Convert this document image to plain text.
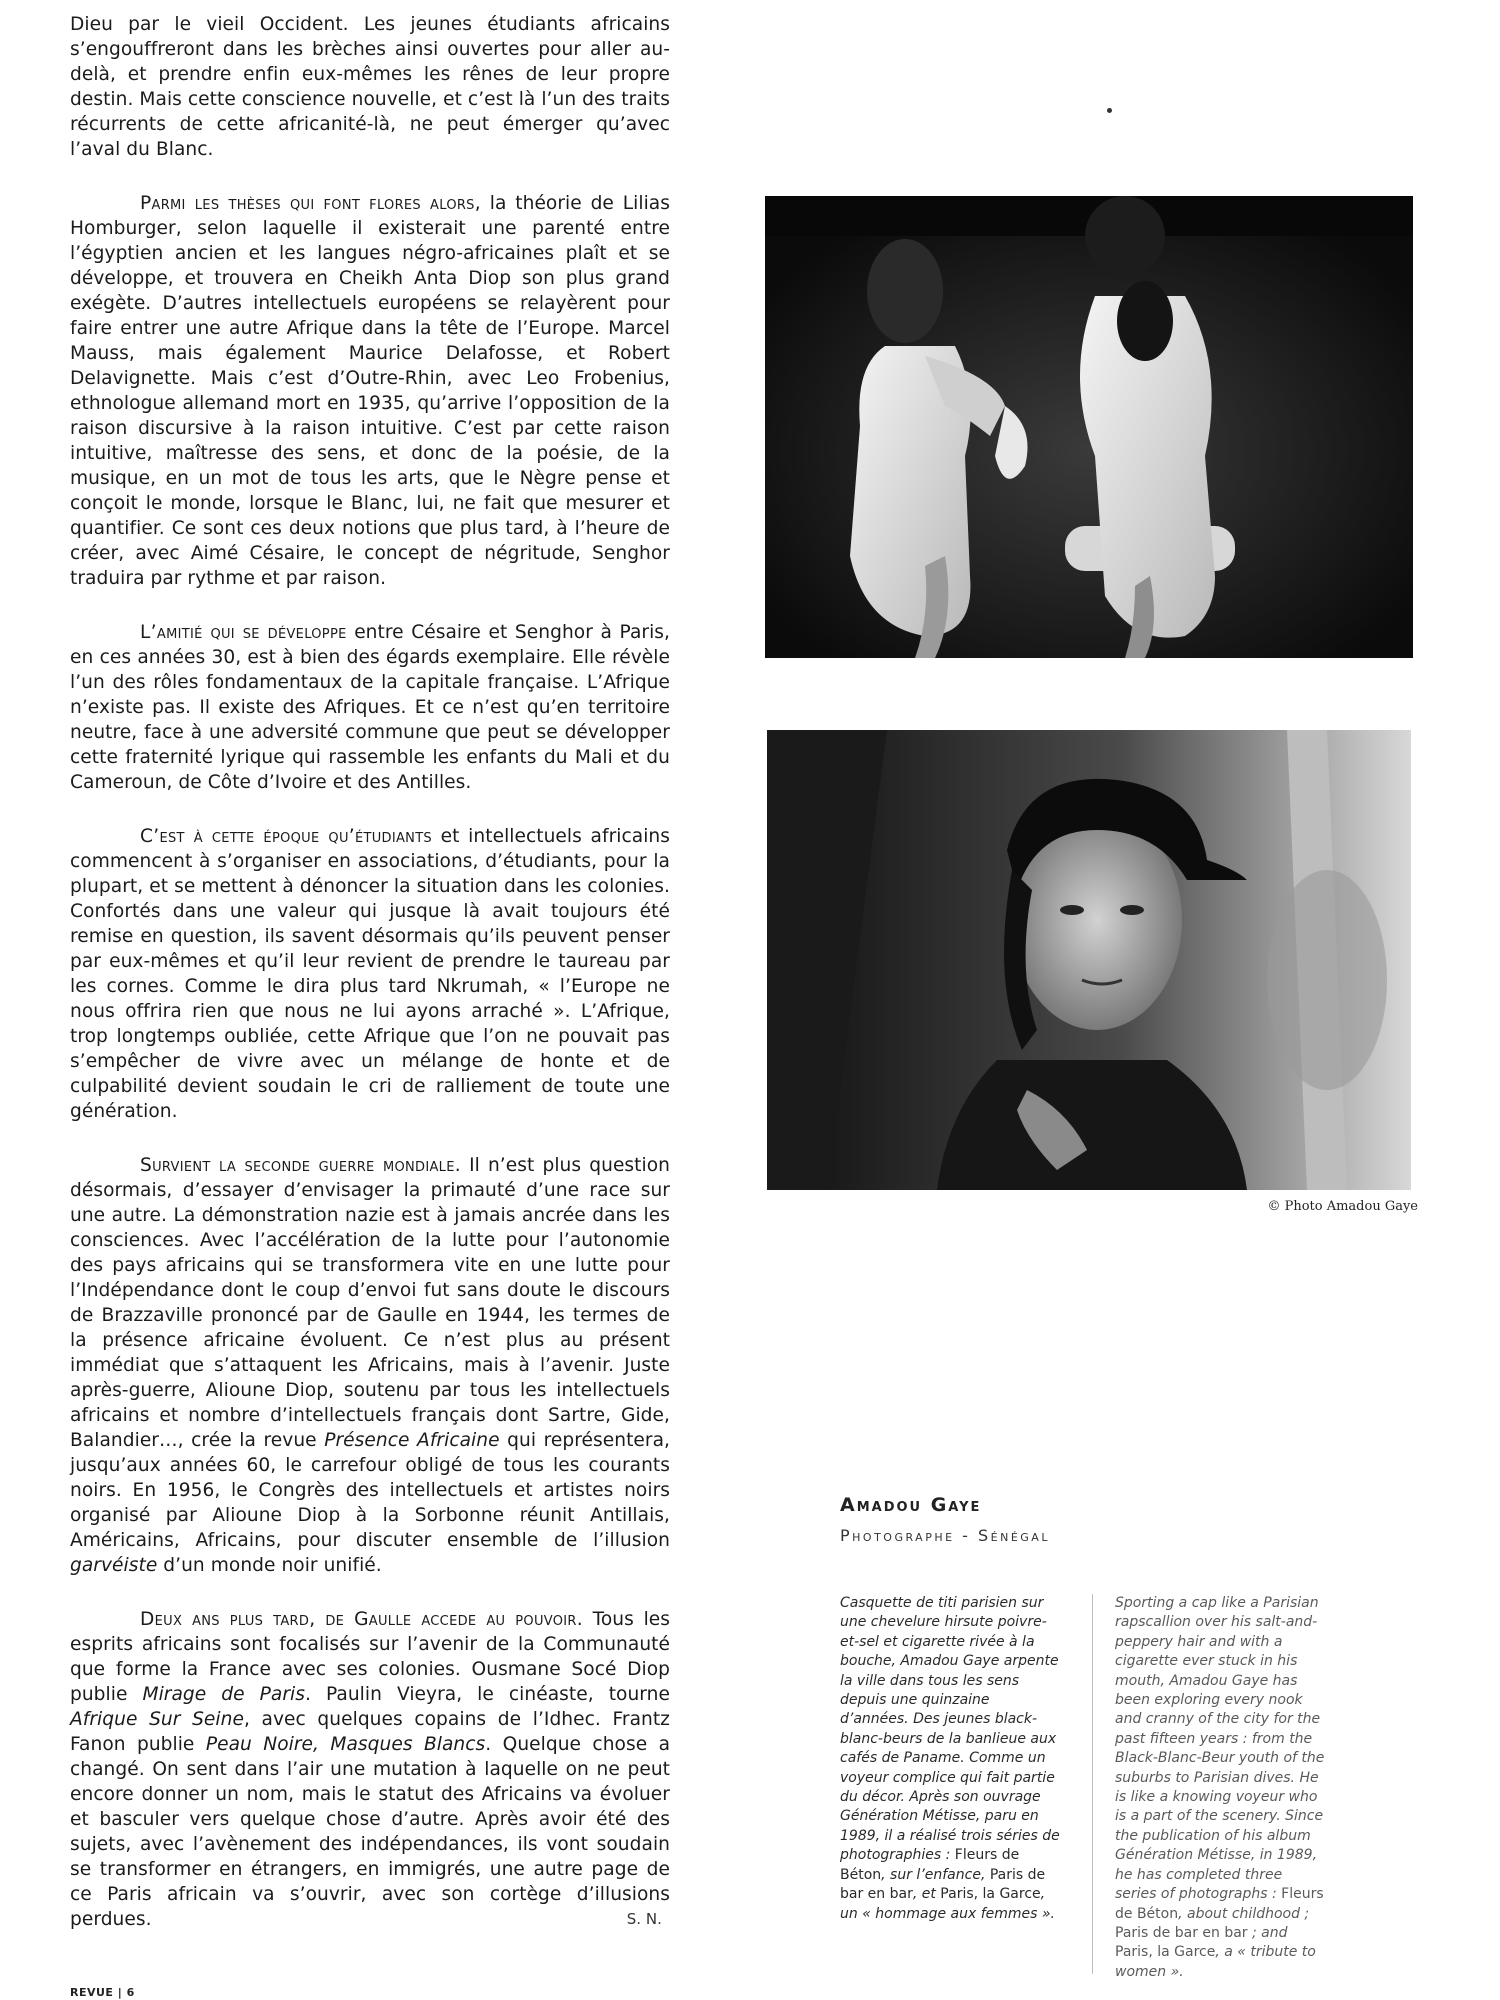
Dieu par le vieil Occident. Les jeunes étudiants africains s’engouffreront dans les brèches ainsi ouvertes pour aller au-delà, et prendre enfin eux-mêmes les rênes de leur propre destin. Mais cette conscience nouvelle, et c’est là l’un des traits récurrents de cette africanité-là, ne peut émerger qu’avec l’aval du Blanc.

Parmi les thèses qui font flores alors, la théorie de Lilias Homburger, selon laquelle il existerait une parenté entre l’égyptien ancien et les langues négro-africaines plaît et se développe, et trouvera en Cheikh Anta Diop son plus grand exégète. D’autres intellectuels européens se relayèrent pour faire entrer une autre Afrique dans la tête de l’Europe. Marcel Mauss, mais également Maurice Delafosse, et Robert Delavignette. Mais c’est d’Outre-Rhin, avec Leo Frobenius, ethnologue allemand mort en 1935, qu’arrive l’opposition de la raison discursive à la raison intuitive. C’est par cette raison intuitive, maîtresse des sens, et donc de la poésie, de la musique, en un mot de tous les arts, que le Nègre pense et conçoit le monde, lorsque le Blanc, lui, ne fait que mesurer et quantifier. Ce sont ces deux notions que plus tard, à l’heure de créer, avec Aimé Césaire, le concept de négritude, Senghor traduira par rythme et par raison.

L’amitié qui se développe entre Césaire et Senghor à Paris, en ces années 30, est à bien des égards exemplaire. Elle révèle l’un des rôles fondamentaux de la capitale française. L’Afrique n’existe pas. Il existe des Afriques. Et ce n’est qu’en territoire neutre, face à une adversité commune que peut se développer cette fraternité lyrique qui rassemble les enfants du Mali et du Cameroun, de Côte d’Ivoire et des Antilles.

C’est à cette époque qu’étudiants et intellectuels africains commencent à s’organiser en associations, d’étudiants, pour la plupart, et se mettent à dénoncer la situation dans les colonies. Confortés dans une valeur qui jusque là avait toujours été remise en question, ils savent désormais qu’ils peuvent penser par eux-mêmes et qu’il leur revient de prendre le taureau par les cornes. Comme le dira plus tard Nkrumah, « l’Europe ne nous offrira rien que nous ne lui ayons arraché ». L’Afrique, trop longtemps oubliée, cette Afrique que l’on ne pouvait pas s’empêcher de vivre avec un mélange de honte et de culpabilité devient soudain le cri de ralliement de toute une génération.

Survient la seconde guerre mondiale. Il n’est plus question désormais, d’essayer d’envisager la primauté d’une race sur une autre. La démonstration nazie est à jamais ancrée dans les consciences. Avec l’accélération de la lutte pour l’autonomie des pays africains qui se transformera vite en une lutte pour l’Indépendance dont le coup d’envoi fut sans doute le discours de Brazzaville prononcé par de Gaulle en 1944, les termes de la présence africaine évoluent. Ce n’est plus au présent immédiat que s’attaquent les Africains, mais à l’avenir. Juste après-guerre, Alioune Diop, soutenu par tous les intellectuels africains et nombre d’intellectuels français dont Sartre, Gide, Balandier…, crée la revue Présence Africaine qui représentera, jusqu’aux années 60, le carrefour obligé de tous les courants noirs. En 1956, le Congrès des intellectuels et artistes noirs organisé par Alioune Diop à la Sorbonne réunit Antillais, Américains, Africains, pour discuter ensemble de l’illusion garvéiste d’un monde noir unifié.

Deux ans plus tard, de Gaulle accede au pouvoir. Tous les esprits africains sont focalisés sur l’avenir de la Communauté que forme la France avec ses colonies. Ousmane Socé Diop publie Mirage de Paris. Paulin Vieyra, le cinéaste, tourne Afrique Sur Seine, avec quelques copains de l’Idhec. Frantz Fanon publie Peau Noire, Masques Blancs. Quelque chose a changé. On sent dans l’air une mutation à laquelle on ne peut encore donner un nom, mais le statut des Africains va évoluer et basculer vers quelque chose d’autre. Après avoir été des sujets, avec l’avènement des indépendances, ils vont soudain se transformer en étrangers, en immigrés, une autre page de ce Paris africain va s’ouvrir, avec son cortège d’illusions perdues.	S. N.

© Photo Amadou Gaye
Amadou Gaye
Photographe - Sénégal
Casquette de titi parisien sur une chevelure hirsute poivre-et-sel et cigarette rivée à la bouche, Amadou Gaye arpente la ville dans tous les sens depuis une quinzaine d’années. Des jeunes black-blanc-beurs de la banlieue aux cafés de Paname. Comme un voyeur complice qui fait partie du décor. Après son ouvrage Génération Métisse, paru en 1989, il a réalisé trois séries de photographies : Fleurs de Béton, sur l’enfance, Paris de bar en bar, et Paris, la Garce, un « hommage aux femmes ».
Sporting a cap like a Parisian rapscallion over his salt-and-peppery hair and with a cigarette ever stuck in his mouth, Amadou Gaye has been exploring every nook and cranny of the city for the past fifteen years : from the Black-Blanc-Beur youth of the suburbs to Parisian dives. He is like a knowing voyeur who is a part of the scenery. Since the publication of his album Génération Métisse, in 1989, he has completed three series of photographs : Fleurs de Béton, about childhood ; Paris de bar en bar ; and Paris, la Garce, a « tribute to women ».
REVUE | 6
